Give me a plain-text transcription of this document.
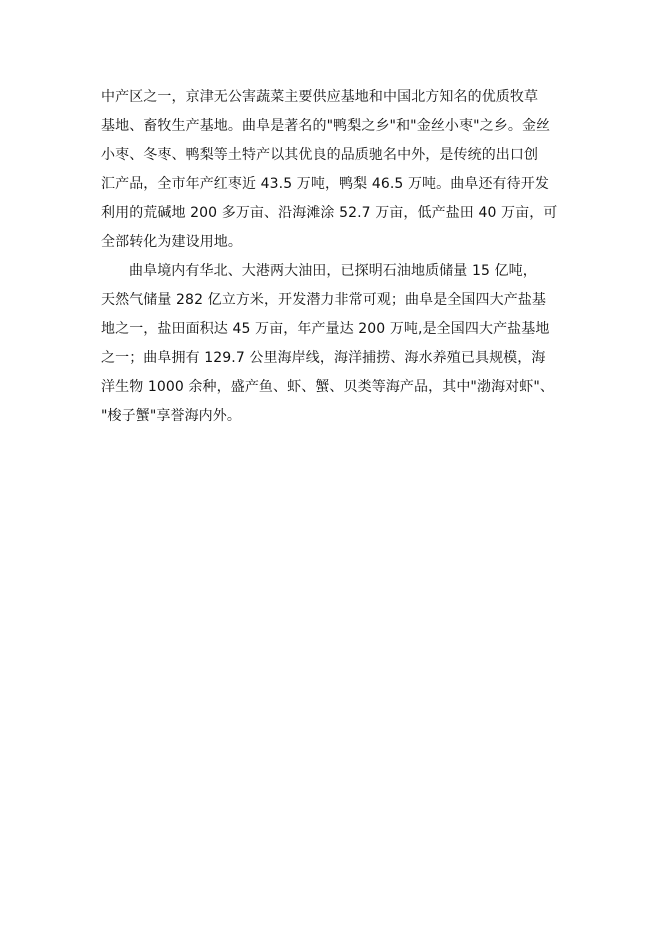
中产区之一，京津无公害蔬菜主要供应基地和中国北方知名的优质牧草
基地、畜牧生产基地。曲阜是著名的"鸭梨之乡"和"金丝小枣"之乡。金丝
小枣、冬枣、鸭梨等土特产以其优良的品质驰名中外，是传统的出口创
汇产品，全市年产红枣近 43.5 万吨，鸭梨 46.5 万吨。曲阜还有待开发
利用的荒碱地 200 多万亩、沿海滩涂 52.7 万亩，低产盐田 40 万亩，可
全部转化为建设用地。
曲阜境内有华北、大港两大油田，已探明石油地质储量 15 亿吨，
天然气储量 282 亿立方米，开发潜力非常可观；曲阜是全国四大产盐基
地之一，盐田面积达 45 万亩，年产量达 200 万吨,是全国四大产盐基地
之一；曲阜拥有 129.7 公里海岸线，海洋捕捞、海水养殖已具规模，海
洋生物 1000 余种，盛产鱼、虾、蟹、贝类等海产品，其中"渤海对虾"、
"梭子蟹"享誉海内外。
